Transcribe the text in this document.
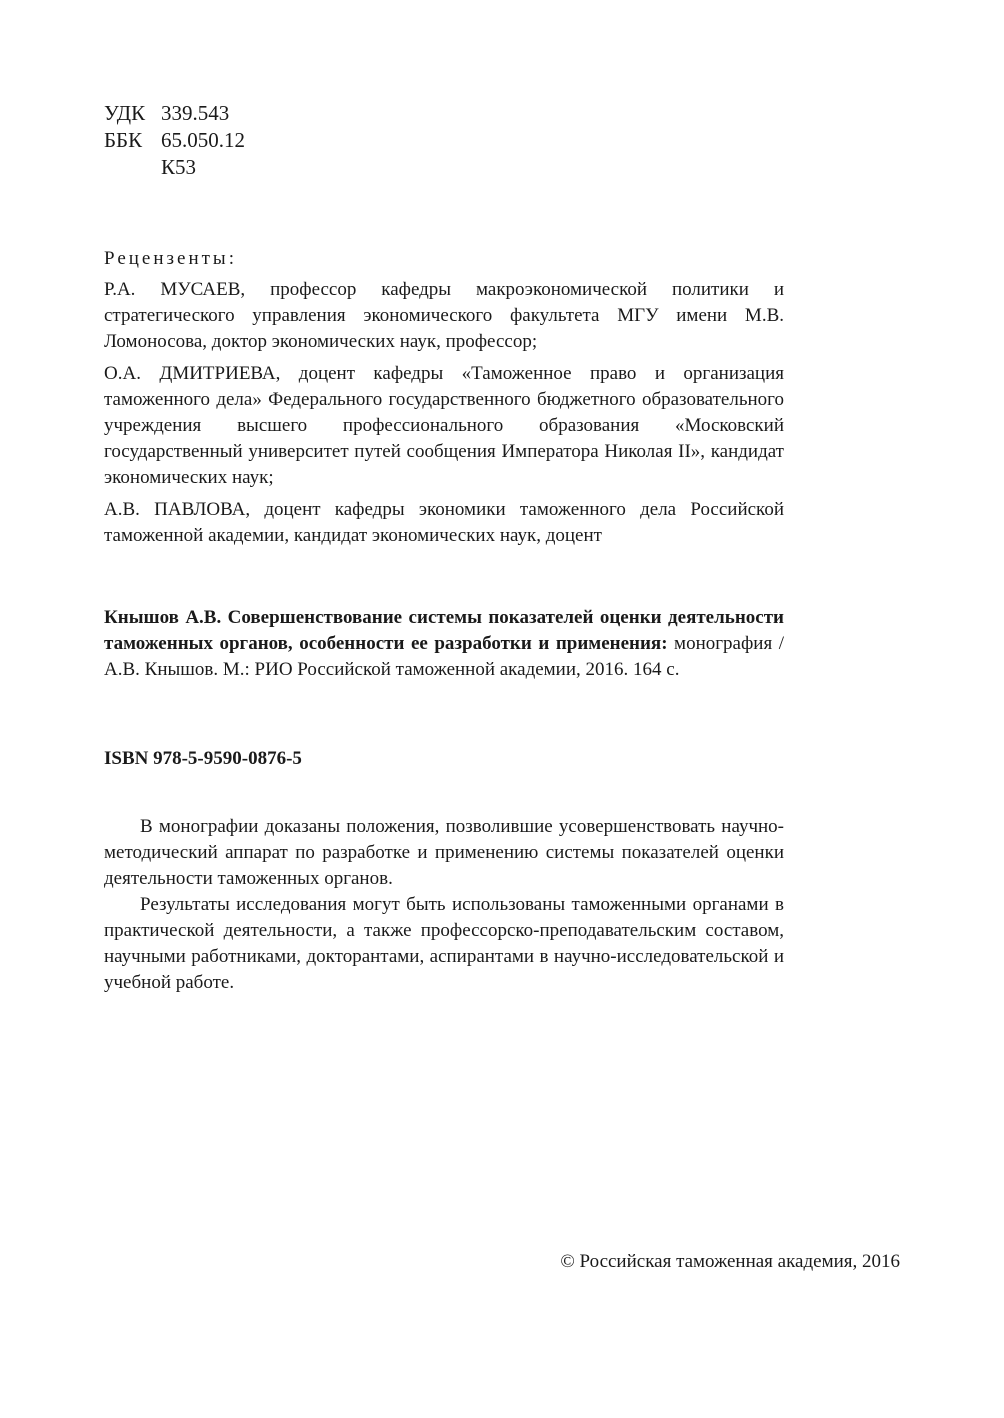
УДК 339.543
ББК 65.050.12
К53
Рецензенты:
Р.А. МУСАЕВ, профессор кафедры макроэкономической политики и стратегического управления экономического факультета МГУ имени М.В. Ломоносова, доктор экономических наук, профессор;
О.А. ДМИТРИЕВА, доцент кафедры «Таможенное право и организация таможенного дела» Федерального государственного бюджетного образовательного учреждения высшего профессионального образования «Московский государственный университет путей сообщения Императора Николая II», кандидат экономических наук;
А.В. ПАВЛОВА, доцент кафедры экономики таможенного дела Российской таможенной академии, кандидат экономических наук, доцент
Кнышов А.В. Совершенствование системы показателей оценки деятельности таможенных органов, особенности ее разработки и применения: монография / А.В. Кнышов. М.: РИО Российской таможенной академии, 2016. 164 с.
ISBN 978-5-9590-0876-5

В монографии доказаны положения, позволившие усовершенствовать научно-методический аппарат по разработке и применению системы показателей оценки деятельности таможенных органов.

Результаты исследования могут быть использованы таможенными органами в практической деятельности, а также профессорско-преподавательским составом, научными работниками, докторантами, аспирантами в научно-исследовательской и учебной работе.

© Российская таможенная академия, 2016
